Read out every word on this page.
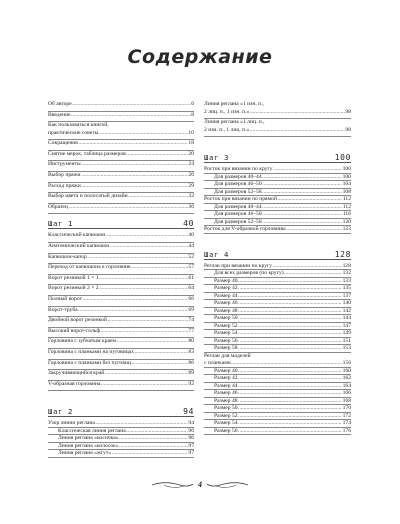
Содержание
Об авторе .....	6
Введение .....	8
Как пользоваться книгой,
практические советы .....	10
Сокращения .....	18
Снятие мерок, таблица размеров .....	20
Инструменты .....	24
Выбор пряжи .....	26
Расход пряжи .....	29
Выбор цвета и полосатый дизайн .....	32
Образец .....	36
Шаг 1	40
Классический капюшон .....	40
Анатомический капюшон .....	44
Капюшон-капор .....	52
Переход от капюшона к горловине .....	57
Ворот резинкой 1 × 1 .....	61
Ворот резинкой 2 × 2 .....	64
Полный ворот .....	66
Ворот-труба .....	69
Двойной ворот резинкой .....	74
Высокий ворот-гольф .....	77
Горловина с зубчатым краем .....	80
Горловина с планками на пуговицах .....	83
Горловина с планками без пуговиц .....	86
Закручивающийся край .....	89
V-образная горловина .....	92
Шаг 2	94
Узор линии реглана .....	94
Классическая линия реглана .....	96
Линия реглана «косичка» .....	96
Линия реглана «колосок» .....	97
Линия реглана «жгут» .....	97
Линия реглана «1 изн. п.,
2 лиц. п., 1 изн. п.» .....	98
Линия реглана «1 лиц. п.,
2 изн. п., 1 лиц. п.» .....	98
Шаг 3	100
Росток при вязании по кругу .....	100
Для размеров 40–44 .....	100
Для размеров 46–50 .....	104
Для размеров 52–58 .....	108
Росток при вязании по прямой .....	112
Для размеров 40–44 .....	112
Для размеров 46–50 .....	116
Для размеров 52–58 .....	120
Росток для V-образной горловины .....	123
Шаг 4	128
Реглан при вязании по кругу .....	128
Для всех размеров (по кругу) .....	132
Размер 40 .....	133
Размер 42 .....	135
Размер 44 .....	137
Размер 46 .....	140
Размер 48 .....	142
Размер 50 .....	144
Размер 52 .....	147
Размер 54 .....	149
Размер 56 .....	151
Размер 58 .....	153
Реглан для моделей
с планками .....	156
Размер 40 .....	160
Размер 42 .....	162
Размер 44 .....	164
Размер 46 .....	166
Размер 48 .....	168
Размер 50 .....	170
Размер 52 .....	172
Размер 54 .....	174
Размер 56 .....	176
4
